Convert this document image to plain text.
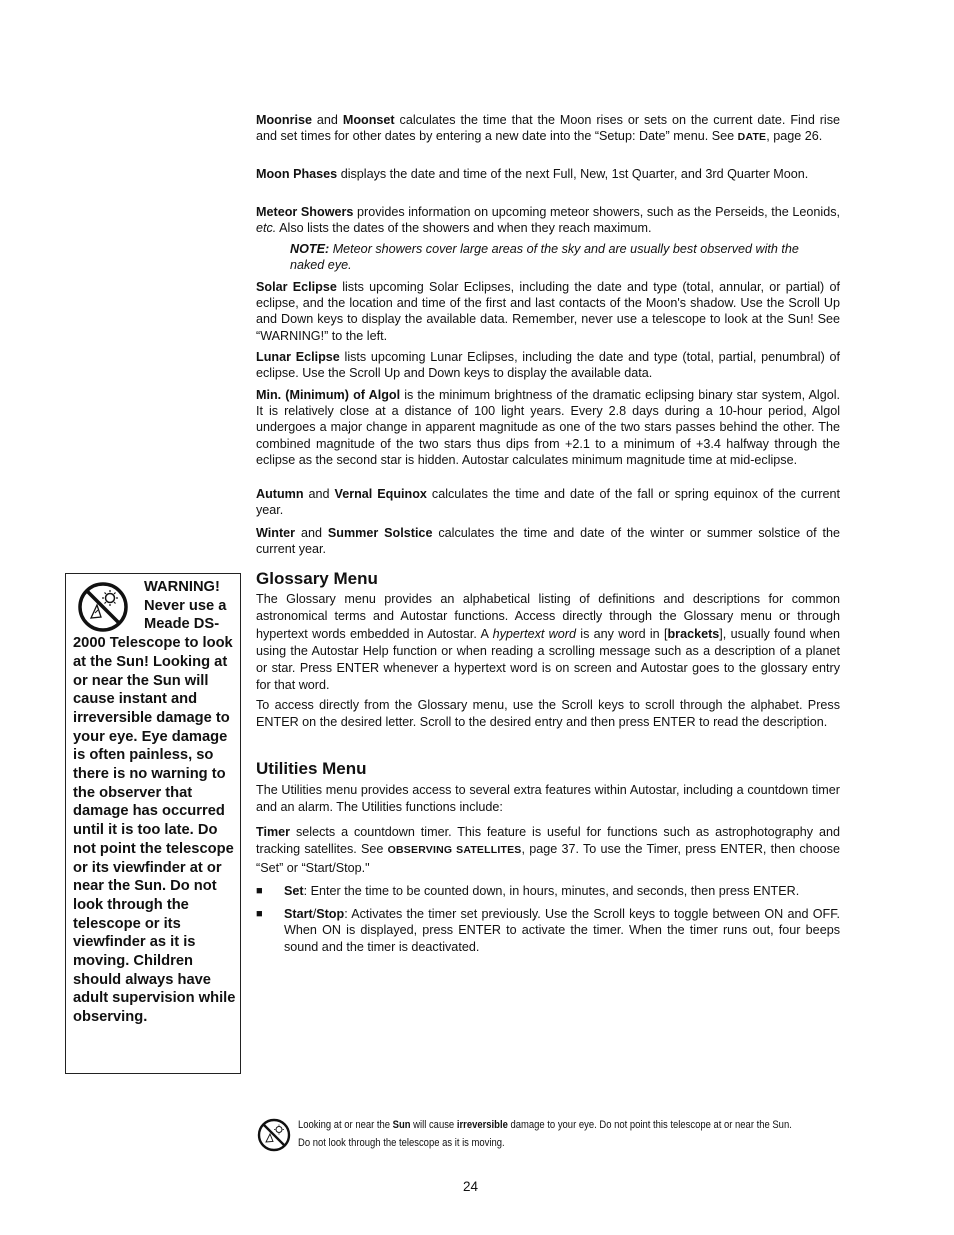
Moonrise and Moonset calculates the time that the Moon rises or sets on the current date. Find rise and set times for other dates by entering a new date into the “Setup: Date” menu. See DATE, page 26.

Moon Phases displays the date and time of the next Full, New, 1st Quarter, and 3rd Quarter Moon.

Meteor Showers provides information on upcoming meteor showers, such as the Perseids, the Leonids, etc. Also lists the dates of the showers and when they reach maximum.

NOTE: Meteor showers cover large areas of the sky and are usually best observed with the naked eye.

Solar Eclipse lists upcoming Solar Eclipses, including the date and type (total, annular, or partial) of eclipse, and the location and time of the first and last contacts of the Moon's shadow. Use the Scroll Up and Down keys to display the available data. Remember, never use a telescope to look at the Sun! See “WARNING!” to the left.

Lunar Eclipse lists upcoming Lunar Eclipses, including the date and type (total, partial, penumbral) of eclipse. Use the Scroll Up and Down keys to display the available data.

Min. (Minimum) of Algol is the minimum brightness of the dramatic eclipsing binary star system, Algol. It is relatively close at a distance of 100 light years. Every 2.8 days during a 10-hour period, Algol undergoes a major change in apparent magnitude as one of the two stars passes behind the other. The combined magnitude of the two stars thus dips from +2.1 to a minimum of +3.4 halfway through the eclipse as the second star is hidden. Autostar calculates minimum magnitude time at mid-eclipse.

Autumn and Vernal Equinox calculates the time and date of the fall or spring equinox of the current year.

Winter and Summer Solstice calculates the time and date of the winter or summer solstice of the current year.

Glossary Menu

The Glossary menu provides an alphabetical listing of definitions and descriptions for common astronomical terms and Autostar functions. Access directly through the Glossary menu or through hypertext words embedded in Autostar. A hypertext word is any word in [brackets], usually found when using the Autostar Help function or when reading a scrolling message such as a description of a planet or star. Press ENTER whenever a hypertext word is on screen and Autostar goes to the glossary entry for that word.

To access directly from the Glossary menu, use the Scroll keys to scroll through the alphabet. Press ENTER on the desired letter. Scroll to the desired entry and then press ENTER to read the description.

Utilities Menu

The Utilities menu provides access to several extra features within Autostar, including a countdown timer and an alarm. The Utilities functions include:

Timer selects a countdown timer. This feature is useful for functions such as astrophotography and tracking satellites. See OBSERVING SATELLITES, page 37. To use the Timer, press ENTER, then choose “Set” or “Start/Stop."

■ Set: Enter the time to be counted down, in hours, minutes, and seconds, then press ENTER.
■ Start/Stop: Activates the timer set previously. Use the Scroll keys to toggle between ON and OFF. When ON is displayed, press ENTER to activate the timer. When the timer runs out, four beeps sound and the timer is deactivated.
WARNING!
Never use a
Meade DS-
2000 Telescope to look at the Sun! Looking at or near the Sun will cause instant and irreversible damage to your eye. Eye damage is often painless, so there is no warning to the observer that damage has occurred until it is too late. Do not point the telescope or its viewfinder at or near the Sun. Do not look through the telescope or its viewfinder as it is moving. Children should always have adult supervision while observing.
Looking at or near the Sun will cause irreversible damage to your eye. Do not point this telescope at or near the Sun.
Do not look through the telescope as it is moving.
24
